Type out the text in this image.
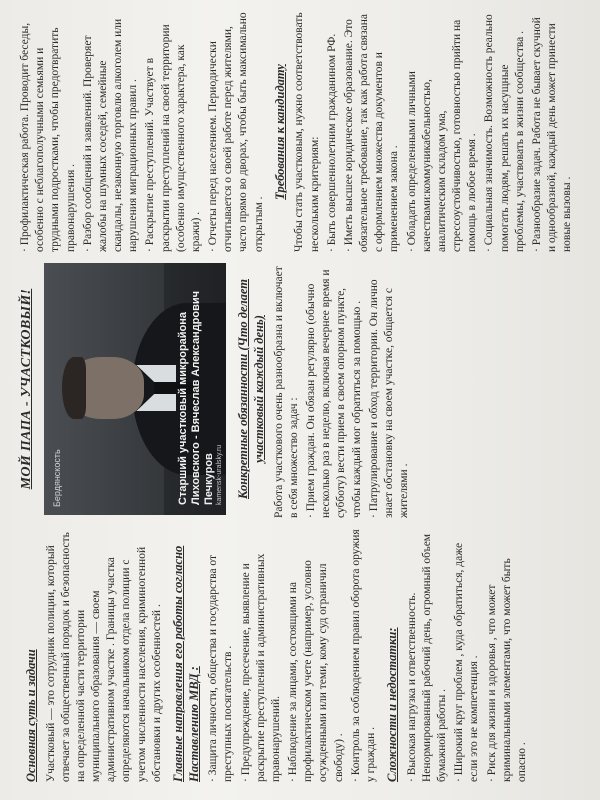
Основная суть и задачи Участковый — это сотрудник полиции, который отвечает за общественный порядок и безопасность на определенной части территории муниципального образования — своем административном участке . Границы участка определяются начальником отдела полиции с учетом численности населения, криминогенной обстановки и других особенностей . Главные направления его работы согласно Наставлению МВД : · Защита личности, общества и государства от преступных посягательств . · Предупреждение, пресечение, выявление и раскрытие преступлений и административных правонарушений. · Наблюдение за лицами, состоящими на профилактическом учете (например, условно осужденными или теми, кому суд ограничил свободу) . · Контроль за соблюдением правил оборота оружия у граждан . Сложности и недостатки: · Высокая нагрузка и ответственность. Ненормированный рабочий день, огромный объем бумажной работы . · Широкий круг проблем , куда обратиться, даже если это не компетенция . · Риск для жизни и здоровья , что может криминальными элементами, что может быть опасно .
МОЙ ПАПА - УЧАСТКОВЫЙ! Бердянскость	Старший участковый микрорайона Лиховского - Вячеслав Александрович Печкуров kamensk-uralsky.ru Конкретные обязанности (Что делает участковый каждый день) Работа участкового очень разнообразна и включает в себя множество задач : · Прием граждан. Он обязан регулярно (обычно несколько раз в неделю, включая вечернее время и субботу) вести прием в своем опорном пункте, чтобы каждый мог обратиться за помощью . · Патрулирование и обход территории. Он лично знает обстановку на своем участке, общается с жителями .
· Профилактическая работа. Проводит беседы, особенно с неблагополучными семьями и трудными подростками, чтобы предотвратить правонарушения . · Разбор сообщений и заявлений. Проверяет жалобы на шумных соседей, семейные скандалы, незаконную торговлю алкоголем или нарушения миграционных правил . · Раскрытие преступлений. Участвует в раскрытии преступлений на своей территории (особенно имущественного характера, как кражи) . · Отчеты перед населением. Периодически отчитывается о своей работе перед жителями, часто прямо во дворах, чтобы быть максимально открытым .
Требования к кандидату Чтобы стать участковым, нужно соответствовать нескольким критериям: · Быть совершеннолетним гражданином РФ. · Иметь высшее юридическое образование. Это обязательное требование, так как работа связана с оформлением множества документов и применением закона . · Обладать определенными личными качествами:коммуникабельностью, аналитическим складом ума, стрессоустойчивостью, готовностью прийти на помощь в любое время . · Социальная значимость. Возможность реально помогать людям, решать их насущные проблемы, участвовать в жизни сообщества . · Разнообразие задач. Работа не бывает скучной и однообразной, каждый день может принести новые вызовы .
